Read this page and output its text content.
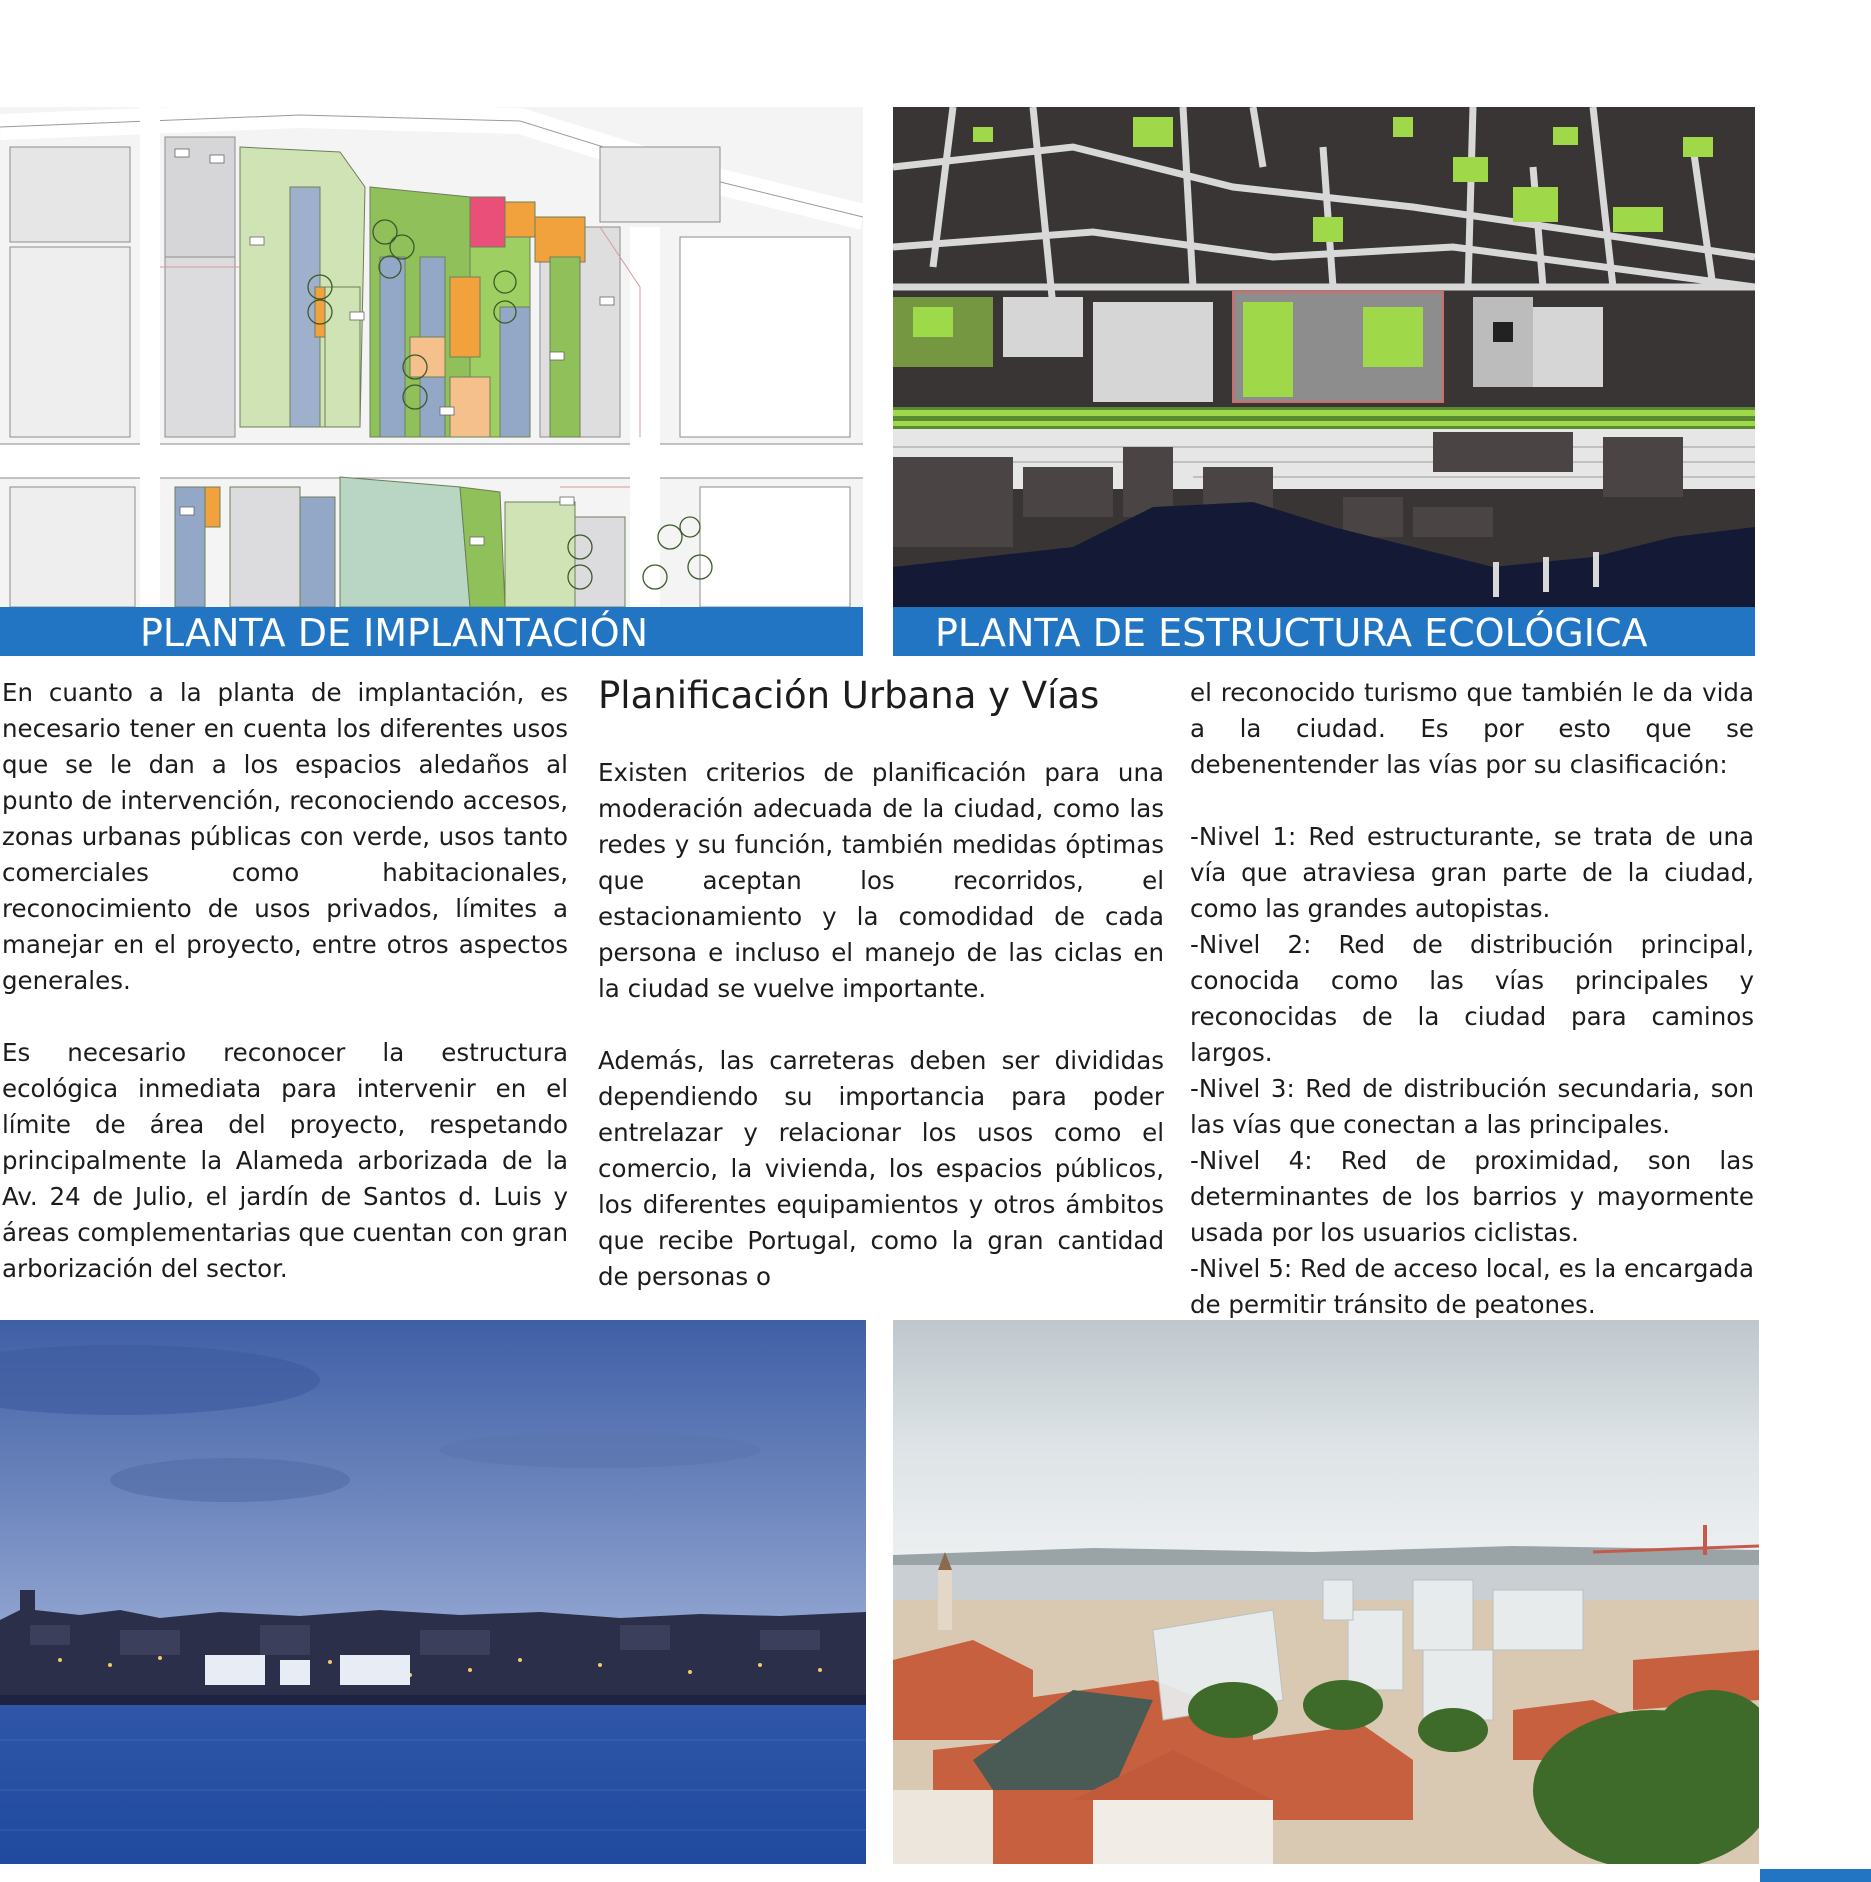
PLANTA DE IMPLANTACIÓN	PLANTA DE ESTRUCTURA ECOLÓGICA

En cuanto a la planta de implantación, es necesario tener en cuenta los diferentes usos que se le dan a los espacios aledaños al punto de intervención, reconociendo accesos, zonas urbanas públicas con verde, usos tanto comerciales como habitacionales, reconocimiento de usos privados, límites a manejar en el proyecto, entre otros aspectos generales.

Es necesario reconocer la estructura ecológica inmediata para intervenir en el límite de área del proyecto, respetando principalmente la Alameda arborizada de la Av. 24 de Julio, el jardín de Santos d. Luis y áreas complementarias que cuentan con gran arborización del sector.

Planificación Urbana y Vías

Existen criterios de planificación para una moderación adecuada de la ciudad, como las redes y su función, también medidas óptimas que aceptan los recorridos, el estacionamiento y la comodidad de cada persona e incluso el manejo de las ciclas en la ciudad se vuelve importante.

Además, las carreteras deben ser divididas dependiendo su importancia para poder entrelazar y relacionar los usos como el comercio, la vivienda, los espacios públicos, los diferentes equipamientos y otros ámbitos que recibe Portugal, como la gran cantidad de personas o

el reconocido turismo que también le da vida a la ciudad. Es por esto que se debenentender las vías por su clasificación:

-Nivel 1: Red estructurante, se trata de una vía que atraviesa gran parte de la ciudad, como las grandes autopistas.

-Nivel 2: Red de distribución principal, conocida como las vías principales y reconocidas de la ciudad para caminos largos.

-Nivel 3: Red de distribución secundaria, son las vías que conectan a las principales.

-Nivel 4: Red de proximidad, son las determinantes de los barrios y mayormente usada por los usuarios ciclistas.

-Nivel 5: Red de acceso local, es la encargada de permitir tránsito de peatones.
